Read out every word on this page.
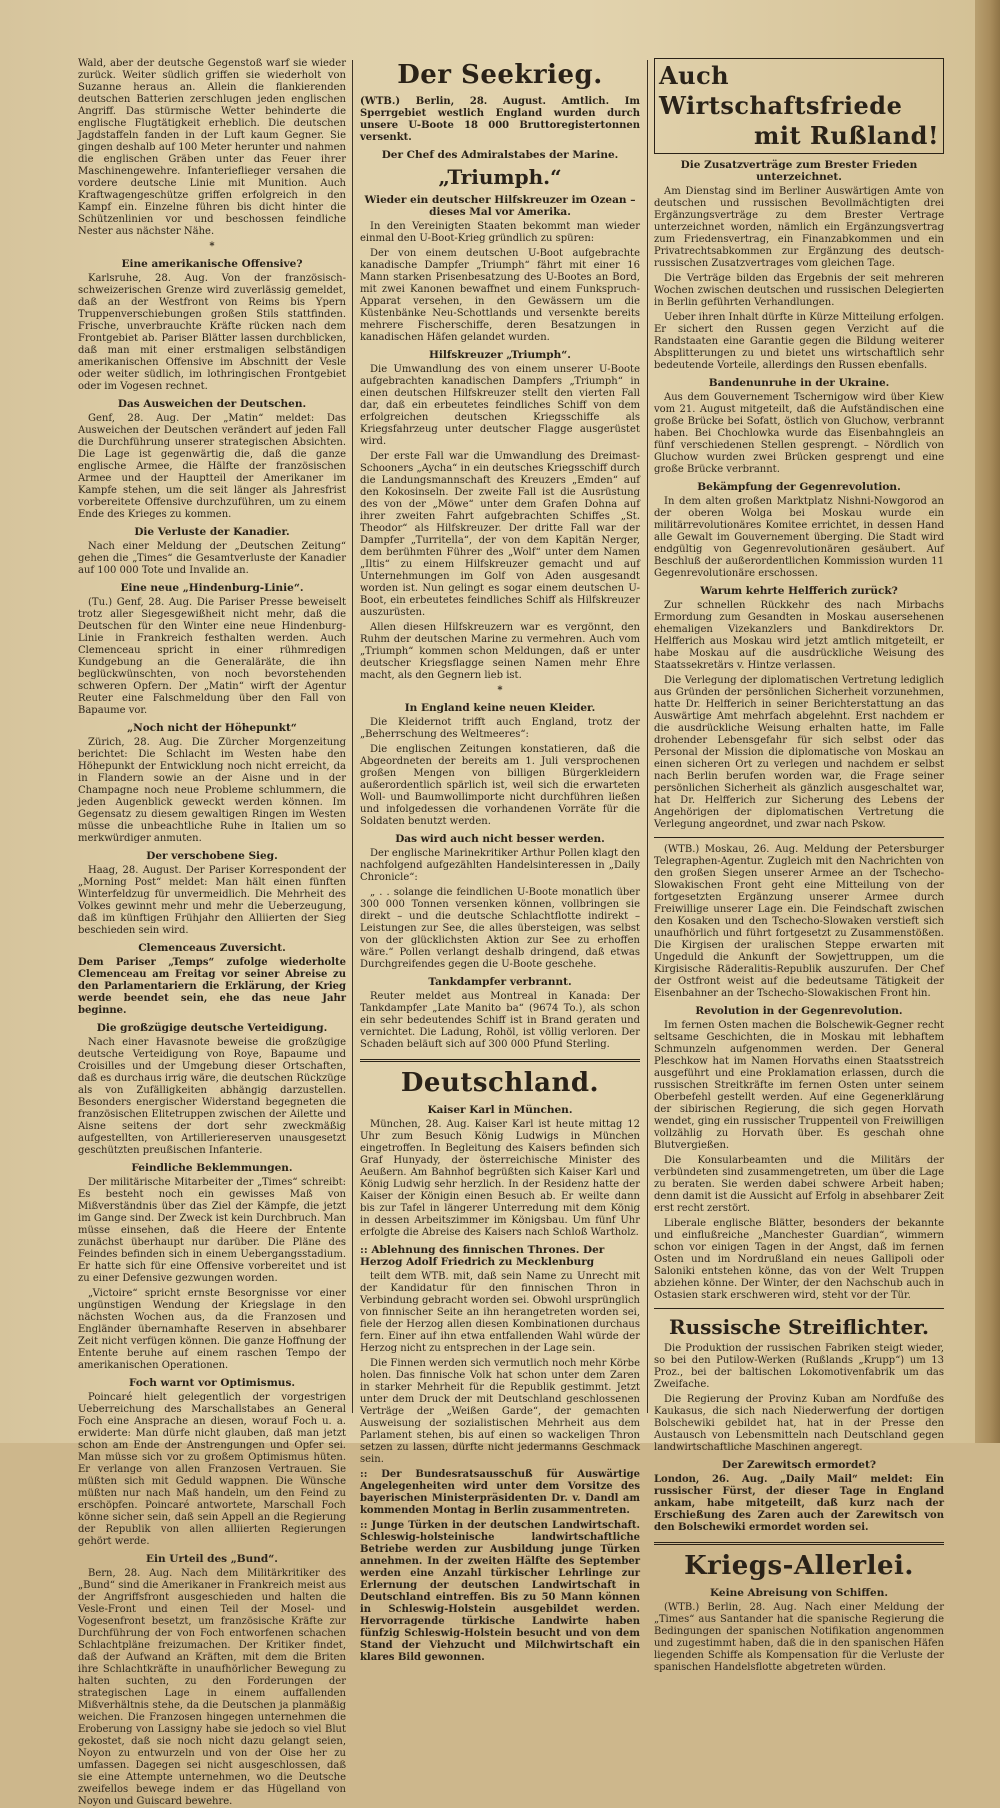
Wald, aber der deutsche Gegenstoß warf sie wieder zurück. Weiter südlich griffen sie wiederholt von Suzanne heraus an. Allein die flankierenden deutschen Batterien zerschlugen jeden englischen Angriff. Das stürmische Wetter behinderte die englische Flugtätigkeit erheblich. Die deutschen Jagdstaffeln fanden in der Luft kaum Gegner. Sie gingen deshalb auf 100 Meter herunter und nahmen die englischen Gräben unter das Feuer ihrer Maschinengewehre. Infanterieflieger versahen die vordere deutsche Linie mit Munition. Auch Kraftwagengeschütze griffen erfolgreich in den Kampf ein. Einzelne führen bis dicht hinter die Schützenlinien vor und beschossen feindliche Nester aus nächster Nähe.

*
Eine amerikanische Offensive?

Karlsruhe, 28. Aug. Von der französisch-schweizerischen Grenze wird zuverlässig gemeldet, daß an der Westfront von Reims bis Ypern Truppenverschiebungen großen Stils stattfinden. Frische, unverbrauchte Kräfte rücken nach dem Frontgebiet ab. Pariser Blätter lassen durchblicken, daß man mit einer erstmaligen selbständigen amerikanischen Offensive im Abschnitt der Vesle oder weiter südlich, im lothringischen Frontgebiet oder im Vogesen rechnet.

Das Ausweichen der Deutschen.

Genf, 28. Aug. Der „Matin“ meldet: Das Ausweichen der Deutschen verändert auf jeden Fall die Durchführung unserer strategischen Absichten. Die Lage ist gegenwärtig die, daß die ganze englische Armee, die Hälfte der französischen Armee und der Hauptteil der Amerikaner im Kampfe stehen, um die seit länger als Jahresfrist vorbereitete Offensive durchzuführen, um zu einem Ende des Krieges zu kommen.

Die Verluste der Kanadier.

Nach einer Meldung der „Deutschen Zeitung“ gehen die „Times“ die Gesamtverluste der Kanadier auf 100 000 Tote und Invalide an.

Eine neue „Hindenburg-Linie“.

(Tu.) Genf, 28. Aug. Die Pariser Presse beweiselt trotz aller Siegesgewißheit nicht mehr, daß die Deutschen für den Winter eine neue Hindenburg-Linie in Frankreich festhalten werden. Auch Clemenceau spricht in einer rühmredigen Kundgebung an die Generaläräte, die ihn beglückwünschten, von noch bevorstehenden schweren Opfern. Der „Matin“ wirft der Agentur Reuter eine Falschmeldung über den Fall von Bapaume vor.

„Noch nicht der Höhepunkt“

Zürich, 28. Aug. Die Zürcher Morgenzeitung berichtet: Die Schlacht im Westen habe den Höhepunkt der Entwicklung noch nicht erreicht, da in Flandern sowie an der Aisne und in der Champagne noch neue Probleme schlummern, die jeden Augenblick geweckt werden können. Im Gegensatz zu diesem gewaltigen Ringen im Westen müsse die unbeachtliche Ruhe in Italien um so merkwürdiger anmuten.

Der verschobene Sieg.

Haag, 28. August. Der Pariser Korrespondent der „Morning Post“ meldet: Man hält einen fünften Winterfeldzug für unvermeidlich. Die Mehrheit des Volkes gewinnt mehr und mehr die Ueberzeugung, daß im künftigen Frühjahr den Alliierten der Sieg beschieden sein wird.

Clemenceaus Zuversicht.

Dem Pariser „Temps“ zufolge wiederholte Clemenceau am Freitag vor seiner Abreise zu den Parlamentariern die Erklärung, der Krieg werde beendet sein, ehe das neue Jahr beginne.

Die großzügige deutsche Verteidigung.

Nach einer Havasnote beweise die großzügige deutsche Verteidigung von Roye, Bapaume und Croisilles und der Umgebung dieser Ortschaften, daß es durchaus irrig wäre, die deutschen Rückzüge als von Zufälligkeiten abhängig darzustellen. Besonders energischer Widerstand begegneten die französischen Elitetruppen zwischen der Ailette und Aisne seitens der dort sehr zweckmäßig aufgestellten, von Artilleriereserven unausgesetzt geschützten preußischen Infanterie.

Feindliche Beklemmungen.

Der militärische Mitarbeiter der „Times“ schreibt: Es besteht noch ein gewisses Maß von Mißverständnis über das Ziel der Kämpfe, die jetzt im Gange sind. Der Zweck ist kein Durchbruch. Man müsse einsehen, daß die Heere der Entente zunächst überhaupt nur darüber. Die Pläne des Feindes befinden sich in einem Uebergangsstadium. Er hatte sich für eine Offensive vorbereitet und ist zu einer Defensive gezwungen worden.

„Victoire“ spricht ernste Besorgnisse vor einer ungünstigen Wendung der Kriegslage in den nächsten Wochen aus, da die Franzosen und Engländer übernamhafte Reserven in absehbarer Zeit nicht verfügen können. Die ganze Hoffnung der Entente beruhe auf einem raschen Tempo der amerikanischen Operationen.

Foch warnt vor Optimismus.

Poincaré hielt gelegentlich der vorgestrigen Ueberreichung des Marschallstabes an General Foch eine Ansprache an diesen, worauf Foch u. a. erwiderte: Man dürfe nicht glauben, daß man jetzt schon am Ende der Anstrengungen und Opfer sei. Man müsse sich vor zu großem Optimismus hüten. Er verlange von allen Franzosen Vertrauen. Sie müßten sich mit Geduld wappnen. Die Wünsche müßten nur nach Maß handeln, um den Feind zu erschöpfen. Poincaré antwortete, Marschall Foch könne sicher sein, daß sein Appell an die Regierung der Republik von allen alliierten Regierungen gehört werde.

Ein Urteil des „Bund“.

Bern, 28. Aug. Nach dem Militärkritiker des „Bund“ sind die Amerikaner in Frankreich meist aus der Angriffsfront ausgeschieden und halten die Vesle-Front und einen Teil der Mosel- und Vogesenfront besetzt, um französische Kräfte zur Durchführung der von Foch entworfenen schachen Schlachtpläne freizumachen. Der Kritiker findet, daß der Aufwand an Kräften, mit dem die Briten ihre Schlachtkräfte in unaufhörlicher Bewegung zu halten suchten, zu den Forderungen der strategischen Lage in einem auffallenden Mißverhältnis stehe, da die Deutschen ja planmäßig weichen. Die Franzosen hingegen unternehmen die Eroberung von Lassigny habe sie jedoch so viel Blut gekostet, daß sie noch nicht dazu gelangt seien, Noyon zu entwurzeln und von der Oise her zu umfassen. Dagegen sei nicht ausgeschlossen, daß sie eine Attempte unternehmen, wo die Deutsche zweifellos bewege indem er das Hügelland von Noyon und Guiscard bewehre.

Der Seekrieg.

(WTB.) Berlin, 28. August. Amtlich. Im Sperrgebiet westlich England wurden durch unsere U-Boote 18 000 Bruttoregistertonnen versenkt.

Der Chef des Admiralstabes der Marine.
„Triumph.“
Wieder ein deutscher Hilfskreuzer im Ozean – dieses Mal vor Amerika.

In den Vereinigten Staaten bekommt man wieder einmal den U-Boot-Krieg gründlich zu spüren:

Der von einem deutschen U-Boot aufgebrachte kanadische Dampfer „Triumph“ fährt mit einer 16 Mann starken Prisenbesatzung des U-Bootes an Bord, mit zwei Kanonen bewaffnet und einem Funkspruch-Apparat versehen, in den Gewässern um die Küstenbänke Neu-Schottlands und versenkte bereits mehrere Fischerschiffe, deren Besatzungen in kanadischen Häfen gelandet wurden.

Hilfskreuzer „Triumph“.

Die Umwandlung des von einem unserer U-Boote aufgebrachten kanadischen Dampfers „Triumph“ in einen deutschen Hilfskreuzer stellt den vierten Fall dar, daß ein erbeutetes feindliches Schiff von dem erfolgreichen deutschen Kriegsschiffe als Kriegsfahrzeug unter deutscher Flagge ausgerüstet wird.

Der erste Fall war die Umwandlung des Dreimast-Schooners „Aycha“ in ein deutsches Kriegsschiff durch die Landungsmannschaft des Kreuzers „Emden“ auf den Kokosinseln. Der zweite Fall ist die Ausrüstung des von der „Möwe“ unter dem Grafen Dohna auf ihrer zweiten Fahrt aufgebrachten Schiffes „St. Theodor“ als Hilfskreuzer. Der dritte Fall war der Dampfer „Turritella“, der von dem Kapitän Nerger, dem berühmten Führer des „Wolf“ unter dem Namen „Iltis“ zu einem Hilfskreuzer gemacht und auf Unternehmungen im Golf von Aden ausgesandt worden ist. Nun gelingt es sogar einem deutschen U-Boot, ein erbeutetes feindliches Schiff als Hilfskreuzer auszurüsten.

Allen diesen Hilfskreuzern war es vergönnt, den Ruhm der deutschen Marine zu vermehren. Auch vom „Triumph“ kommen schon Meldungen, daß er unter deutscher Kriegsflagge seinen Namen mehr Ehre macht, als den Gegnern lieb ist.

*
In England keine neuen Kleider.

Die Kleidernot trifft auch England, trotz der „Beherrschung des Weltmeeres“:

Die englischen Zeitungen konstatieren, daß die Abgeordneten der bereits am 1. Juli versprochenen großen Mengen von billigen Bürgerkleidern außerordentlich spärlich ist, weil sich die erwarteten Woll- und Baumwollimporte nicht durchführen ließen und infolgedessen die vorhandenen Vorräte für die Soldaten benutzt werden.

Das wird auch nicht besser werden.

Der englische Marinekritiker Arthur Pollen klagt den nachfolgend aufgezählten Handelsinteressen in „Daily Chronicle“:

„ . . solange die feindlichen U-Boote monatlich über 300 000 Tonnen versenken können, vollbringen sie direkt – und die deutsche Schlachtflotte indirekt – Leistungen zur See, die alles übersteigen, was selbst von der glücklichsten Aktion zur See zu erhoffen wäre.“ Pollen verlangt deshalb dringend, daß etwas Durchgreifendes gegen die U-Boote geschehe.

Tankdampfer verbrannt.

Reuter meldet aus Montreal in Kanada: Der Tankdampfer „Late Manito ba“ (9674 To.), als schon ein sehr bedeutendes Schiff ist in Brand geraten und vernichtet. Die Ladung, Rohöl, ist völlig verloren. Der Schaden beläuft sich auf 300 000 Pfund Sterling.

Deutschland.
Kaiser Karl in München.

München, 28. Aug. Kaiser Karl ist heute mittag 12 Uhr zum Besuch König Ludwigs in München eingetroffen. In Begleitung des Kaisers befinden sich Graf Hunyady, der österreichische Minister des Aeußern. Am Bahnhof begrüßten sich Kaiser Karl und König Ludwig sehr herzlich. In der Residenz hatte der Kaiser der Königin einen Besuch ab. Er weilte dann bis zur Tafel in längerer Unterredung mit dem König in dessen Arbeitszimmer im Königsbau. Um fünf Uhr erfolgte die Abreise des Kaisers nach Schloß Wartholz.

:: Ablehnung des finnischen Thrones. Der Herzog Adolf Friedrich zu Mecklenburg

teilt dem WTB. mit, daß sein Name zu Unrecht mit der Kandidatur für den finnischen Thron in Verbindung gebracht worden sei. Obwohl ursprünglich von finnischer Seite an ihn herangetreten worden sei, fiele der Herzog allen diesen Kombinationen durchaus fern. Einer auf ihn etwa entfallenden Wahl würde der Herzog nicht zu entsprechen in der Lage sein.

Die Finnen werden sich vermutlich noch mehr Körbe holen. Das finnische Volk hat schon unter dem Zaren in starker Mehrheit für die Republik gestimmt. Jetzt unter dem Druck der mit Deutschland geschlossenen Verträge der „Weißen Garde“, der gemachten Ausweisung der sozialistischen Mehrheit aus dem Parlament stehen, bis auf einen so wackeligen Thron setzen zu lassen, dürfte nicht jedermanns Geschmack sein.

:: Der Bundesratsausschuß für Auswärtige Angelegenheiten wird unter dem Vorsitze des bayerischen Ministerpräsidenten Dr. v. Dandl am kommenden Montag in Berlin zusammentreten.

:: Junge Türken in der deutschen Landwirtschaft. Schleswig-holsteinische landwirtschaftliche Betriebe werden zur Ausbildung junge Türken annehmen. In der zweiten Hälfte des September werden eine Anzahl türkischer Lehrlinge zur Erlernung der deutschen Landwirtschaft in Deutschland eintreffen. Bis zu 50 Mann können in Schleswig-Holstein ausgebildet werden. Hervorragende türkische Landwirte haben fünfzig Schleswig-Holstein besucht und von dem Stand der Viehzucht und Milchwirtschaft ein klares Bild gewonnen.

Auch Wirtschaftsfriede
mit Rußland!
Die Zusatzverträge zum Brester Frieden unterzeichnet.

Am Dienstag sind im Berliner Auswärtigen Amte von deutschen und russischen Bevollmächtigten drei Ergänzungsverträge zu dem Brester Vertrage unterzeichnet worden, nämlich ein Ergänzungsvertrag zum Friedensvertrag, ein Finanzabkommen und ein Privatrechtsabkommen zur Ergänzung des deutsch-russischen Zusatzvertrages vom gleichen Tage.

Die Verträge bilden das Ergebnis der seit mehreren Wochen zwischen deutschen und russischen Delegierten in Berlin geführten Verhandlungen.

Ueber ihren Inhalt dürfte in Kürze Mitteilung erfolgen. Er sichert den Russen gegen Verzicht auf die Randstaaten eine Garantie gegen die Bildung weiterer Absplitterungen zu und bietet uns wirtschaftlich sehr bedeutende Vorteile, allerdings den Russen ebenfalls.

Bandenunruhe in der Ukraine.

Aus dem Gouvernement Tschernigow wird über Kiew vom 21. August mitgeteilt, daß die Aufständischen eine große Brücke bei Sofatt, östlich von Gluchow, verbrannt haben. Bei Chochlowka wurde das Eisenbahngleis an fünf verschiedenen Stellen gesprengt. – Nördlich von Gluchow wurden zwei Brücken gesprengt und eine große Brücke verbrannt.

Bekämpfung der Gegenrevolution.

In dem alten großen Marktplatz Nishni-Nowgorod an der oberen Wolga bei Moskau wurde ein militärrevolutionäres Komitee errichtet, in dessen Hand alle Gewalt im Gouvernement überging. Die Stadt wird endgültig von Gegenrevolutionären gesäubert. Auf Beschluß der außerordentlichen Kommission wurden 11 Gegenrevolutionäre erschossen.

Warum kehrte Helfferich zurück?

Zur schnellen Rückkehr des nach Mirbachs Ermordung zum Gesandten in Moskau ausersehenen ehemaligen Vizekanzlers und Bankdirektors Dr. Helfferich aus Moskau wird jetzt amtlich mitgeteilt, er habe Moskau auf die ausdrückliche Weisung des Staatssekretärs v. Hintze verlassen.

Die Verlegung der diplomatischen Vertretung lediglich aus Gründen der persönlichen Sicherheit vorzunehmen, hatte Dr. Helfferich in seiner Berichterstattung an das Auswärtige Amt mehrfach abgelehnt. Erst nachdem er die ausdrückliche Weisung erhalten hatte, im Falle drohender Lebensgefahr für sich selbst oder das Personal der Mission die diplomatische von Moskau an einen sicheren Ort zu verlegen und nachdem er selbst nach Berlin berufen worden war, die Frage seiner persönlichen Sicherheit als gänzlich ausgeschaltet war, hat Dr. Helfferich zur Sicherung des Lebens der Angehörigen der diplomatischen Vertretung die Verlegung angeordnet, und zwar nach Pskow.

(WTB.) Moskau, 26. Aug. Meldung der Petersburger Telegraphen-Agentur. Zugleich mit den Nachrichten von den großen Siegen unserer Armee an der Tschecho-Slowakischen Front geht eine Mitteilung von der fortgesetzten Ergänzung unserer Armee durch Freiwillige unserer Lage ein. Die Feindschaft zwischen den Kosaken und den Tschecho-Slowaken verstieft sich unaufhörlich und führt fortgesetzt zu Zusammenstößen. Die Kirgisen der uralischen Steppe erwarten mit Ungeduld die Ankunft der Sowjettruppen, um die Kirgisische Räderalitis-Republik auszurufen. Der Chef der Ostfront weist auf die bedeutsame Tätigkeit der Eisenbahner an der Tschecho-Slowakischen Front hin.

Revolution in der Gegenrevolution.

Im fernen Osten machen die Bolschewik-Gegner recht seltsame Geschichten, die in Moskau mit lebhaftem Schmunzeln aufgenommen werden. Der General Pleschkow hat im Namen Horvaths einen Staatsstreich ausgeführt und eine Proklamation erlassen, durch die russischen Streitkräfte im fernen Osten unter seinem Oberbefehl gestellt werden. Auf eine Gegenerklärung der sibirischen Regierung, die sich gegen Horvath wendet, ging ein russischer Truppenteil von Freiwilligen vollzählig zu Horvath über. Es geschah ohne Blutvergießen.

Die Konsularbeamten und die Militärs der verbündeten sind zusammengetreten, um über die Lage zu beraten. Sie werden dabei schwere Arbeit haben; denn damit ist die Aussicht auf Erfolg in absehbarer Zeit erst recht zerstört.

Liberale englische Blätter, besonders der bekannte und einflußreiche „Manchester Guardian“, wimmern schon vor einigen Tagen in der Angst, daß im fernen Osten und im Nordrußland ein neues Gallipoli oder Saloniki entstehen könne, das von der Welt Truppen abziehen könne. Der Winter, der den Nachschub auch in Ostasien stark erschweren wird, steht vor der Tür.

Russische Streiflichter.

Die Produktion der russischen Fabriken steigt wieder, so bei den Putilow-Werken (Rußlands „Krupp“) um 13 Proz., bei der baltischen Lokomotivenfabrik um das Zweifache.

Die Regierung der Provinz Kuban am Nordfuße des Kaukasus, die sich nach Niederwerfung der dortigen Bolschewiki gebildet hat, hat in der Presse den Austausch von Lebensmitteln nach Deutschland gegen landwirtschaftliche Maschinen angeregt.

Der Zarewitsch ermordet?

London, 26. Aug. „Daily Mail“ meldet: Ein russischer Fürst, der dieser Tage in England ankam, habe mitgeteilt, daß kurz nach der Erschießung des Zaren auch der Zarewitsch von den Bolschewiki ermordet worden sei.

Kriegs-Allerlei.
Keine Abreisung von Schiffen.

(WTB.) Berlin, 28. Aug. Nach einer Meldung der „Times“ aus Santander hat die spanische Regierung die Bedingungen der spanischen Notifikation angenommen und zugestimmt haben, daß die in den spanischen Häfen liegenden Schiffe als Kompensation für die Verluste der spanischen Handelsflotte abgetreten würden.
